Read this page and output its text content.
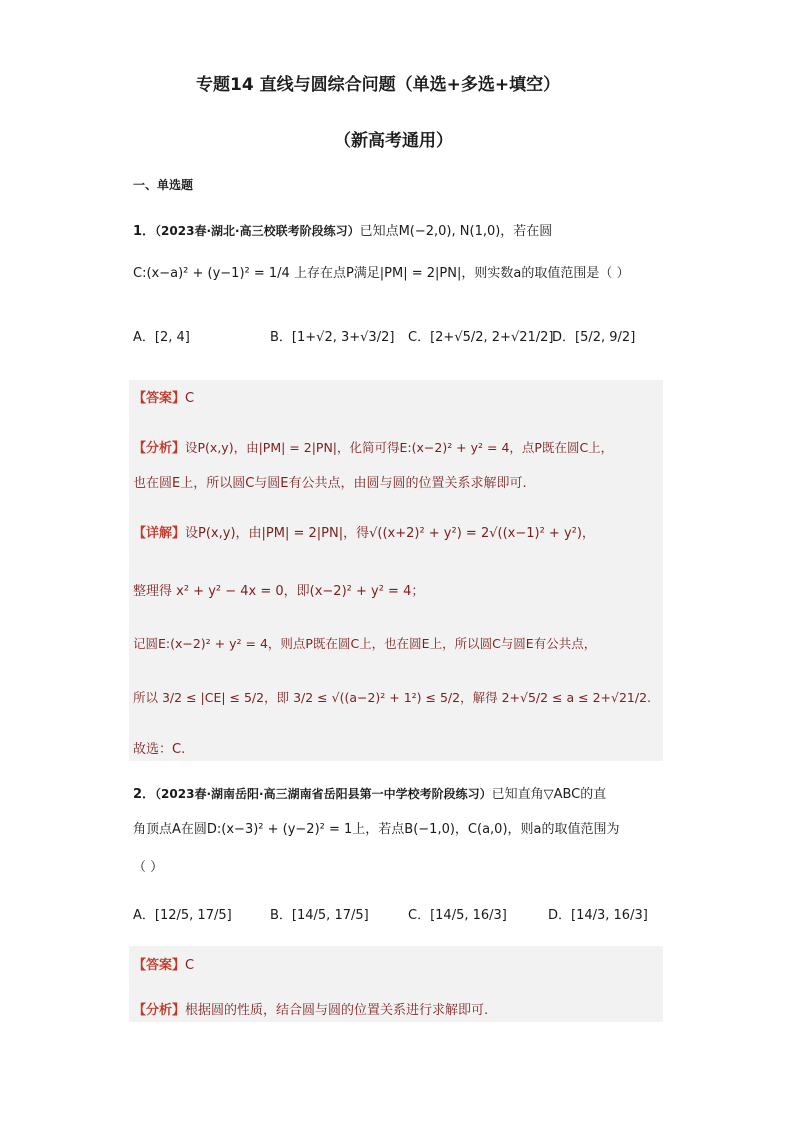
专题14 直线与圆综合问题（单选+多选+填空）
（新高考通用）
一、单选题
1．（2023春·湖北·高三校联考阶段练习）已知点M(−2,0), N(1,0)，若在圆
C:(x−a)² + (y−1)² = 1/4 上存在点P满足|PM| = 2|PN|，则实数a的取值范围是（ ）
A．[2, 4]	B．[1+√2, 3+√3/2] C．[2+√5/2, 2+√21/2]
D．[5/2, 9/2]
【答案】C
【分析】设P(x,y)，由|PM| = 2|PN|，化简可得E:(x−2)² + y² = 4，点P既在圆C上，
也在圆E上，所以圆C与圆E有公共点，由圆与圆的位置关系求解即可.
【详解】设P(x,y)，由|PM| = 2|PN|，得√((x+2)² + y²) = 2√((x−1)² + y²)，
整理得 x² + y² − 4x = 0，即(x−2)² + y² = 4；
记圆E:(x−2)² + y² = 4，则点P既在圆C上，也在圆E上，所以圆C与圆E有公共点，
所以 3/2 ≤ |CE| ≤ 5/2，即 3/2 ≤ √((a−2)² + 1²) ≤ 5/2，解得 2+√5/2 ≤ a ≤ 2+√21/2.
故选：C.
2．（2023春·湖南岳阳·高三湖南省岳阳县第一中学校考阶段练习）已知直角▽ABC的直
角顶点A在圆D:(x−3)² + (y−2)² = 1上，若点B(−1,0)，C(a,0)，则a的取值范围为
（ ）
A．[12/5, 17/5]	B．[14/5, 17/5]	C．[14/5, 16/3]	D．[14/3, 16/3]
【答案】C
【分析】根据圆的性质，结合圆与圆的位置关系进行求解即可.
